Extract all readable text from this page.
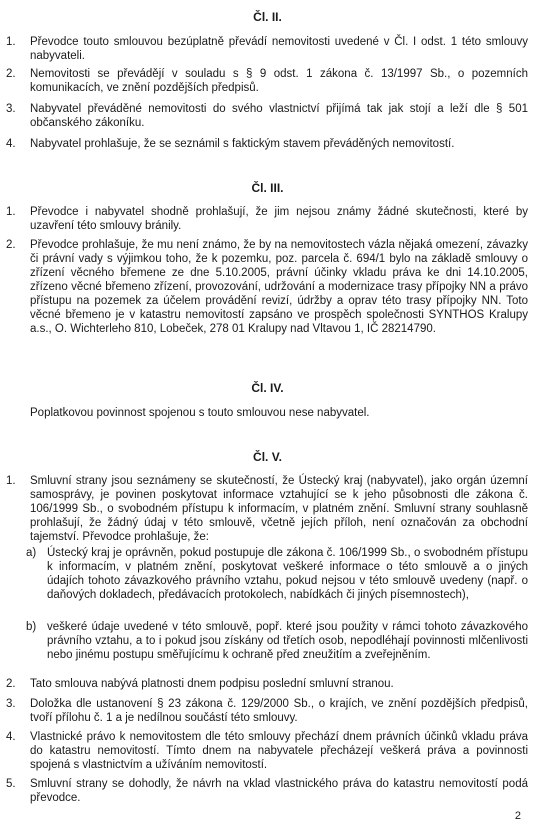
Čl. II.
1. Převodce touto smlouvou bezúplatně převádí nemovitosti uvedené v Čl. I odst. 1 této smlouvy nabyvateli.
2. Nemovitosti se převádějí v souladu s § 9 odst. 1 zákona č. 13/1997 Sb., o pozemních komunikacích, ve znění pozdějších předpisů.
3. Nabyvatel převáděné nemovitosti do svého vlastnictví přijímá tak jak stojí a leží dle § 501 občanského zákoníku.
4. Nabyvatel prohlašuje, že se seznámil s faktickým stavem převáděných nemovitostí.
Čl. III.
1. Převodce i nabyvatel shodně prohlašují, že jim nejsou známy žádné skutečnosti, které by uzavření této smlouvy bránily.
2. Převodce prohlašuje, že mu není známo, že by na nemovitostech vázla nějaká omezení, závazky či právní vady s výjimkou toho, že k pozemku, poz. parcela č. 694/1 bylo na základě smlouvy o zřízení věcného břemene ze dne 5.10.2005, právní účinky vkladu práva ke dni 14.10.2005, zřízeno věcné břemeno zřízení, provozování, udržování a modernizace trasy přípojky NN a právo přístupu na pozemek za účelem provádění revizí, údržby a oprav této trasy přípojky NN. Toto věcné břemeno je v katastru nemovitostí zapsáno ve prospěch společnosti SYNTHOS Kralupy a.s., O. Wichterleho 810, Lobeček, 278 01 Kralupy nad Vltavou 1, IČ 28214790.
Čl. IV.
Poplatkovou povinnost spojenou s touto smlouvou nese nabyvatel.
Čl. V.
1. Smluvní strany jsou seznámeny se skutečností, že Ústecký kraj (nabyvatel), jako orgán územní samosprávy, je povinen poskytovat informace vztahující se k jeho působnosti dle zákona č. 106/1999 Sb., o svobodném přístupu k informacím, v platném znění. Smluvní strany souhlasně prohlašují, že žádný údaj v této smlouvě, včetně jejích příloh, není označován za obchodní tajemství. Převodce prohlašuje, že:
a) Ústecký kraj je oprávněn, pokud postupuje dle zákona č. 106/1999 Sb., o svobodném přístupu k informacím, v platném znění, poskytovat veškeré informace o této smlouvě a o jiných údajích tohoto závazkového právního vztahu, pokud nejsou v této smlouvě uvedeny (např. o daňových dokladech, předávacích protokolech, nabídkách či jiných písemnostech),
b) veškeré údaje uvedené v této smlouvě, popř. které jsou použity v rámci tohoto závazkového právního vztahu, a to i pokud jsou získány od třetích osob, nepodléhají povinnosti mlčenlivosti nebo jinému postupu směřujícímu k ochraně před zneužitím a zveřejněním.
2. Tato smlouva nabývá platnosti dnem podpisu poslední smluvní stranou.
3. Doložka dle ustanovení § 23 zákona č. 129/2000 Sb., o krajích, ve znění pozdějších předpisů, tvoří přílohu č. 1 a je nedílnou součástí této smlouvy.
4. Vlastnické právo k nemovitostem dle této smlouvy přechází dnem právních účinků vkladu práva do katastru nemovitostí. Tímto dnem na nabyvatele přecházejí veškerá práva a povinnosti spojená s vlastnictvím a užíváním nemovitostí.
5. Smluvní strany se dohodly, že návrh na vklad vlastnického práva do katastru nemovitostí podá převodce.
2
